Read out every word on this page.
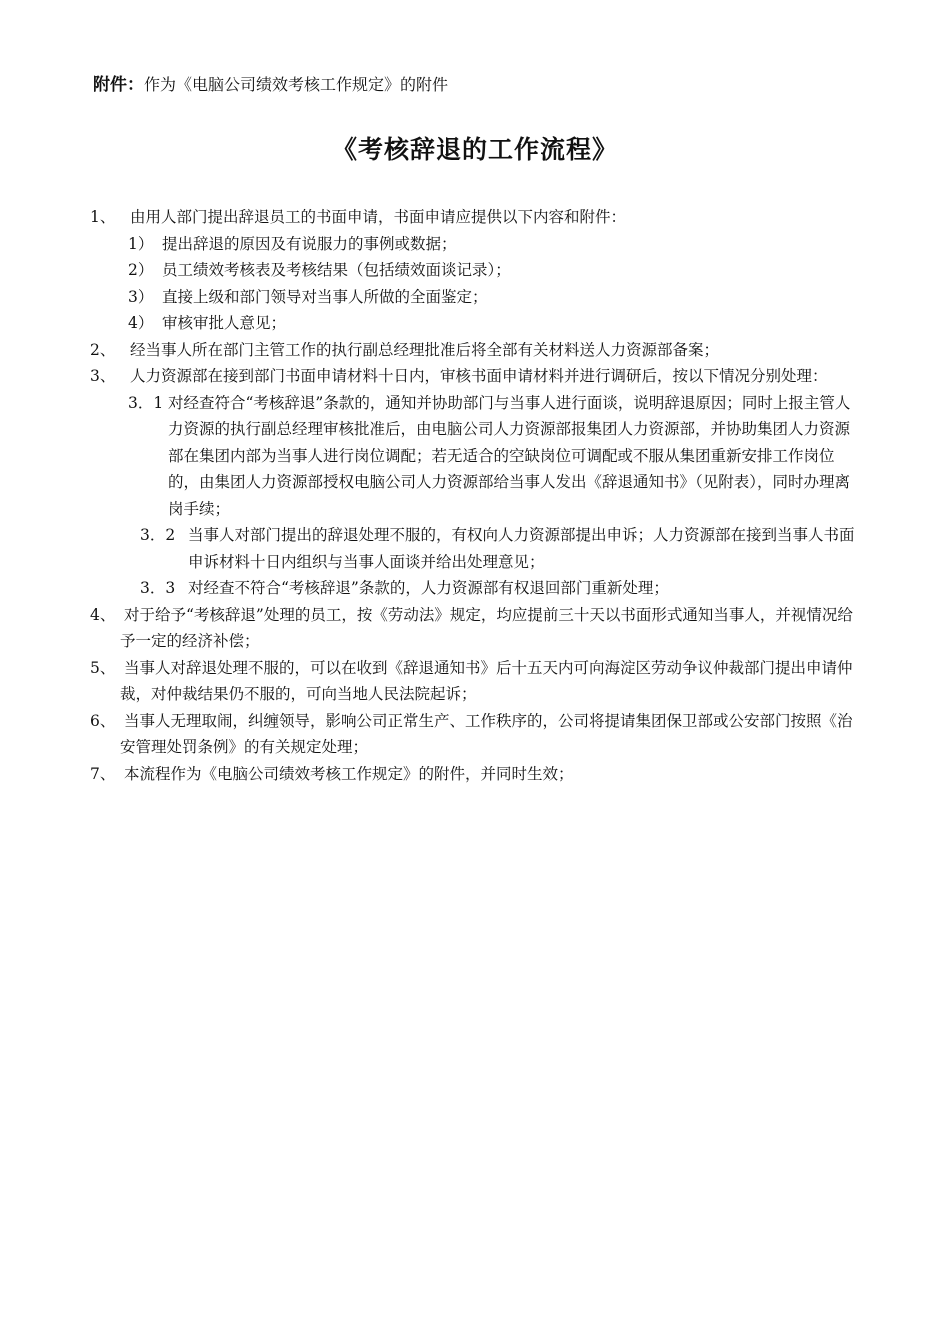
附件：作为《电脑公司绩效考核工作规定》的附件
《考核辞退的工作流程》

1、 由用人部门提出辞退员工的书面申请，书面申请应提供以下内容和附件：

1） 提出辞退的原因及有说服力的事例或数据；

2） 员工绩效考核表及考核结果（包括绩效面谈记录）；

3） 直接上级和部门领导对当事人所做的全面鉴定；

4） 审核审批人意见；

2、 经当事人所在部门主管工作的执行副总经理批准后将全部有关材料送人力资源部备案；

3、 人力资源部在接到部门书面申请材料十日内，审核书面申请材料并进行调研后，按以下情况分别处理：

3．1 对经查符合“考核辞退”条款的，通知并协助部门与当事人进行面谈，说明辞退原因；同时上报主管人力资源的执行副总经理审核批准后，由电脑公司人力资源部报集团人力资源部，并协助集团人力资源部在集团内部为当事人进行岗位调配；若无适合的空缺岗位可调配或不服从集团重新安排工作岗位的，由集团人力资源部授权电脑公司人力资源部给当事人发出《辞退通知书》（见附表），同时办理离岗手续；

3．2 当事人对部门提出的辞退处理不服的，有权向人力资源部提出申诉；人力资源部在接到当事人书面申诉材料十日内组织与当事人面谈并给出处理意见；

3．3 对经查不符合“考核辞退”条款的，人力资源部有权退回部门重新处理；

4、 对于给予“考核辞退”处理的员工，按《劳动法》规定，均应提前三十天以书面形式通知当事人，并视情况给予一定的经济补偿；

5、 当事人对辞退处理不服的，可以在收到《辞退通知书》后十五天内可向海淀区劳动争议仲裁部门提出申请仲裁，对仲裁结果仍不服的，可向当地人民法院起诉；

6、 当事人无理取闹，纠缠领导，影响公司正常生产、工作秩序的，公司将提请集团保卫部或公安部门按照《治安管理处罚条例》的有关规定处理；

7、 本流程作为《电脑公司绩效考核工作规定》的附件，并同时生效；
